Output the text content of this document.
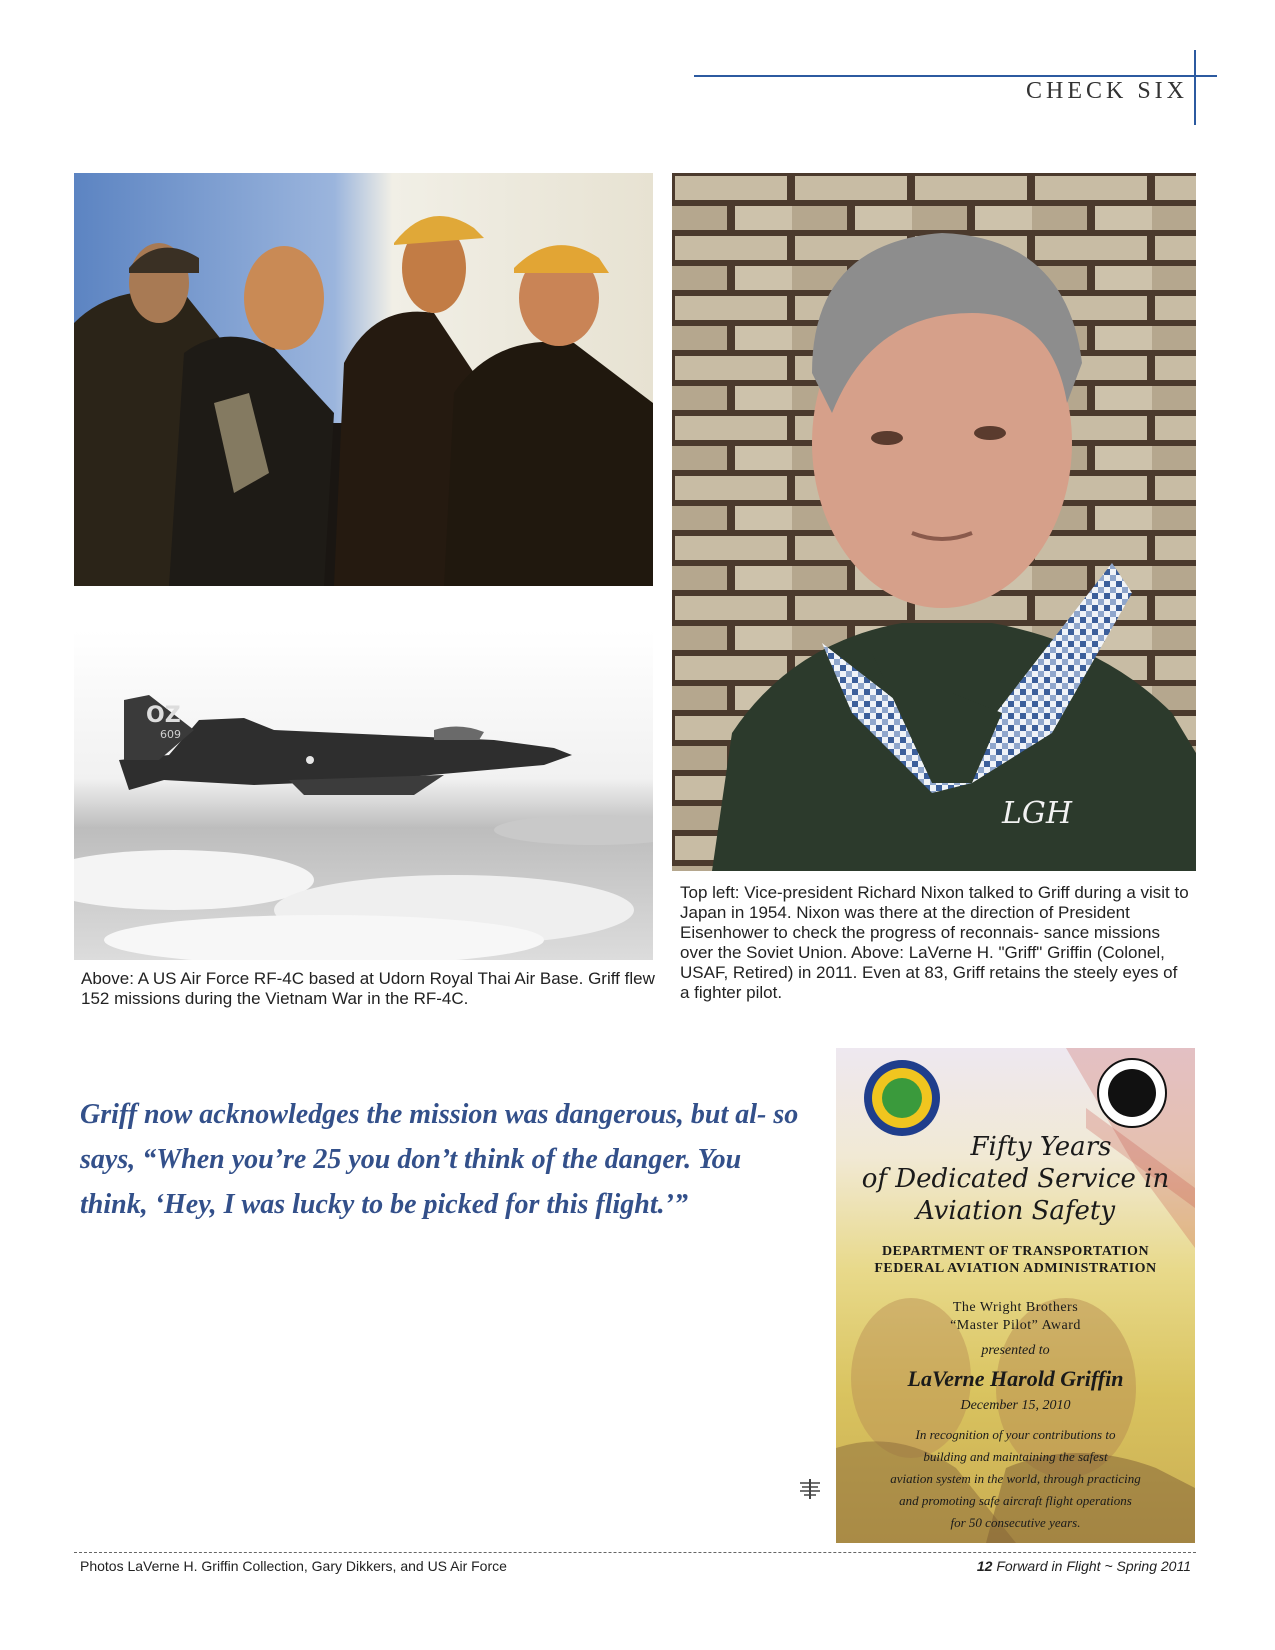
CHECK SIX
OZ
609
LGH
Above: A US Air Force RF-4C based at Udorn Royal Thai Air Base. Griff flew 152 missions during the Vietnam War in the RF-4C.
Top left: Vice-president Richard Nixon talked to Griff during a visit to Japan in 1954. Nixon was there at the direction of President Eisenhower to check the progress of reconnais- sance missions over the Soviet Union. Above: LaVerne H. "Griff" Griffin (Colonel, USAF, Retired) in 2011. Even at 83, Griff retains the steely eyes of a fighter pilot.
Griff now acknowledges the mission was dangerous, but al- so says, “When you’re 25 you don’t think of the danger. You think, ‘Hey, I was lucky to be picked for this flight.’”
Fifty Years
of Dedicated Service in
Aviation Safety
DEPARTMENT OF TRANSPORTATION
FEDERAL AVIATION ADMINISTRATION
The Wright Brothers
“Master Pilot” Award
presented to
LaVerne Harold Griffin
December 15, 2010
In recognition of your contributions to
building and maintaining the safest
aviation system in the world, through practicing
and promoting safe aircraft flight operations
for 50 consecutive years.
Photos LaVerne H. Griffin Collection, Gary Dikkers, and US Air Force	12 Forward in Flight ~ Spring 2011
